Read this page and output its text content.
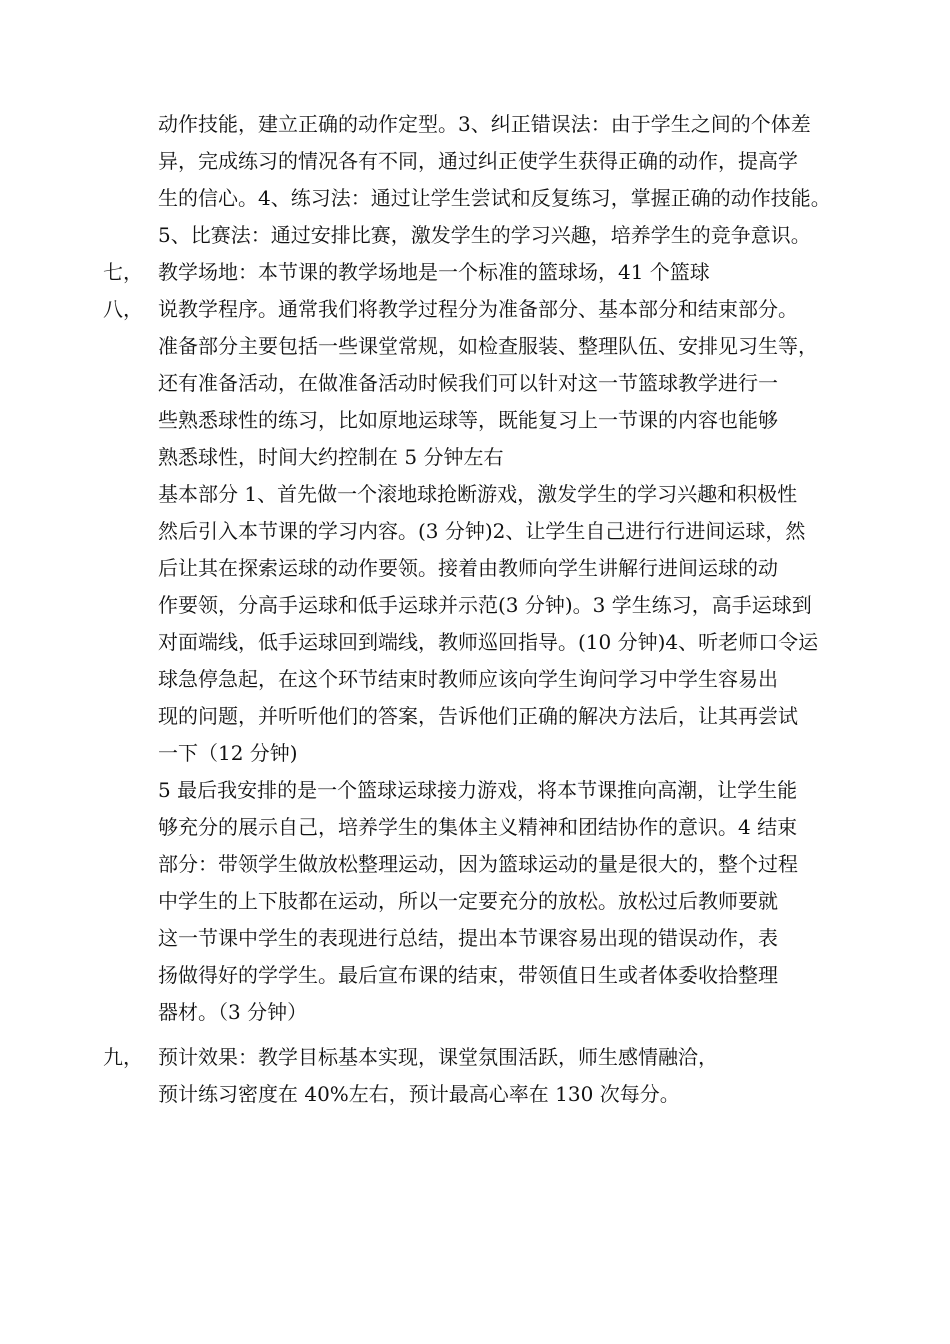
动作技能，建立正确的动作定型。3、纠正错误法：由于学生之间的个体差
异，完成练习的情况各有不同，通过纠正使学生获得正确的动作，提高学
生的信心。4、练习法：通过让学生尝试和反复练习，掌握正确的动作技能。
5、比赛法：通过安排比赛，激发学生的学习兴趣，培养学生的竞争意识。
七， 教学场地：本节课的教学场地是一个标准的篮球场，41 个篮球
八， 说教学程序。通常我们将教学过程分为准备部分、基本部分和结束部分。
准备部分主要包括一些课堂常规，如检查服装、整理队伍、安排见习生等，
还有准备活动，在做准备活动时候我们可以针对这一节篮球教学进行一
些熟悉球性的练习，比如原地运球等，既能复习上一节课的内容也能够
熟悉球性，时间大约控制在 5 分钟左右
基本部分 1、首先做一个滚地球抢断游戏，激发学生的学习兴趣和积极性
然后引入本节课的学习内容。(3 分钟)2、让学生自己进行行进间运球，然
后让其在探索运球的动作要领。接着由教师向学生讲解行进间运球的动
作要领，分高手运球和低手运球并示范(3 分钟)。3 学生练习，高手运球到
对面端线，低手运球回到端线，教师巡回指导。(10 分钟)4、听老师口令运
球急停急起，在这个环节结束时教师应该向学生询问学习中学生容易出
现的问题，并听听他们的答案，告诉他们正确的解决方法后，让其再尝试
一下（12 分钟)
5 最后我安排的是一个篮球运球接力游戏，将本节课推向高潮，让学生能
够充分的展示自己，培养学生的集体主义精神和团结协作的意识。4 结束
部分：带领学生做放松整理运动，因为篮球运动的量是很大的，整个过程
中学生的上下肢都在运动，所以一定要充分的放松。放松过后教师要就
这一节课中学生的表现进行总结，提出本节课容易出现的错误动作，表
扬做得好的学学生。最后宣布课的结束，带领值日生或者体委收拾整理
器材。（3 分钟）
九， 预计效果：教学目标基本实现，课堂氛围活跃，师生感情融洽，
预计练习密度在 40%左右，预计最高心率在 130 次每分。
